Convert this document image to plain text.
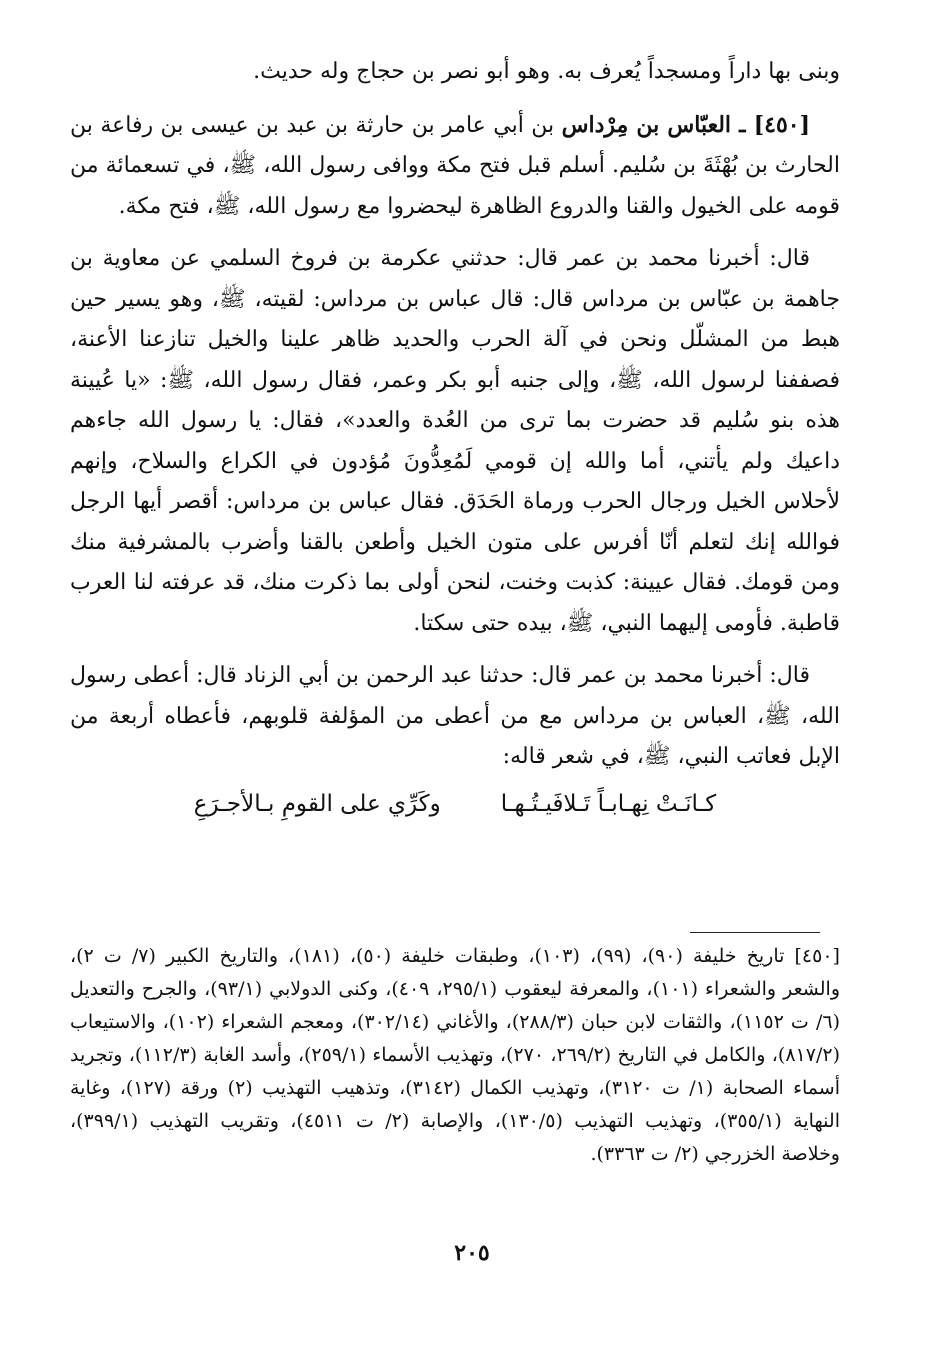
وبنى بها داراً ومسجداً يُعرف به. وهو أبو نصر بن حجاج وله حديث.

[٤٥٠] ـ العبّاس بن مِرْداس بن أبي عامر بن حارثة بن عبد بن عيسى بن رفاعة بن الحارث بن بُهْثَةَ بن سُليم. أسلم قبل فتح مكة ووافى رسول الله، ﷺ، في تسعمائة من قومه على الخيول والقنا والدروع الظاهرة ليحضروا مع رسول الله، ﷺ، فتح مكة.

قال: أخبرنا محمد بن عمر قال: حدثني عكرمة بن فروخ السلمي عن معاوية بن جاهمة بن عبّاس بن مرداس قال: قال عباس بن مرداس: لقيته، ﷺ، وهو يسير حين هبط من المشلّل ونحن في آلة الحرب والحديد ظاهر علينا والخيل تنازعنا الأعنة، فصففنا لرسول الله، ﷺ، وإلى جنبه أبو بكر وعمر، فقال رسول الله، ﷺ: «يا عُيينة هذه بنو سُليم قد حضرت بما ترى من العُدة والعدد»، فقال: يا رسول الله جاءهم داعيك ولم يأتني، أما والله إن قومي لَمُعِدُّونَ مُؤدون في الكراع والسلاح، وإنهم لأحلاس الخيل ورجال الحرب ورماة الحَدَق. فقال عباس بن مرداس: أقصر أيها الرجل فوالله إنك لتعلم أنّا أفرس على متون الخيل وأطعن بالقنا وأضرب بالمشرفية منك ومن قومك. فقال عيينة: كذبت وخنت، لنحن أولى بما ذكرت منك، قد عرفته لنا العرب قاطبة. فأومى إليهما النبي، ﷺ، بيده حتى سكتا.

قال: أخبرنا محمد بن عمر قال: حدثنا عبد الرحمن بن أبي الزناد قال: أعطى رسول الله، ﷺ، العباس بن مرداس مع من أعطى من المؤلفة قلوبهم، فأعطاه أربعة من الإبل فعاتب النبي، ﷺ، في شعر قاله:

كـانَـتْ نِهـابـاً تَـلافَيـتُـهـا
وكَرِّي على القومِ بـالأجـرَعِ

[٤٥٠] تاريخ خليفة (٩٠)، (٩٩)، (١٠٣)، وطبقات خليفة (٥٠)، (١٨١)، والتاريخ الكبير (٧/ ت ٢)، والشعر والشعراء (١٠١)، والمعرفة ليعقوب (٢٩٥/١، ٤٠٩)، وكنى الدولابي (٩٣/١)، والجرح والتعديل (٦/ ت ١١٥٢)، والثقات لابن حبان (٢٨٨/٣)، والأغاني (٣٠٢/١٤)، ومعجم الشعراء (١٠٢)، والاستيعاب (٨١٧/٢)، والكامل في التاريخ (٢٦٩/٢، ٢٧٠)، وتهذيب الأسماء (٢٥٩/١)، وأسد الغابة (١١٢/٣)، وتجريد أسماء الصحابة (١/ ت ٣١٢٠)، وتهذيب الكمال (٣١٤٢)، وتذهيب التهذيب (٢) ورقة (١٢٧)، وغاية النهاية (٣٥٥/١)، وتهذيب التهذيب (١٣٠/٥)، والإصابة (٢/ ت ٤٥١١)، وتقريب التهذيب (٣٩٩/١)، وخلاصة الخزرجي (٢/ ت ٣٣٦٣).

٢٠٥
